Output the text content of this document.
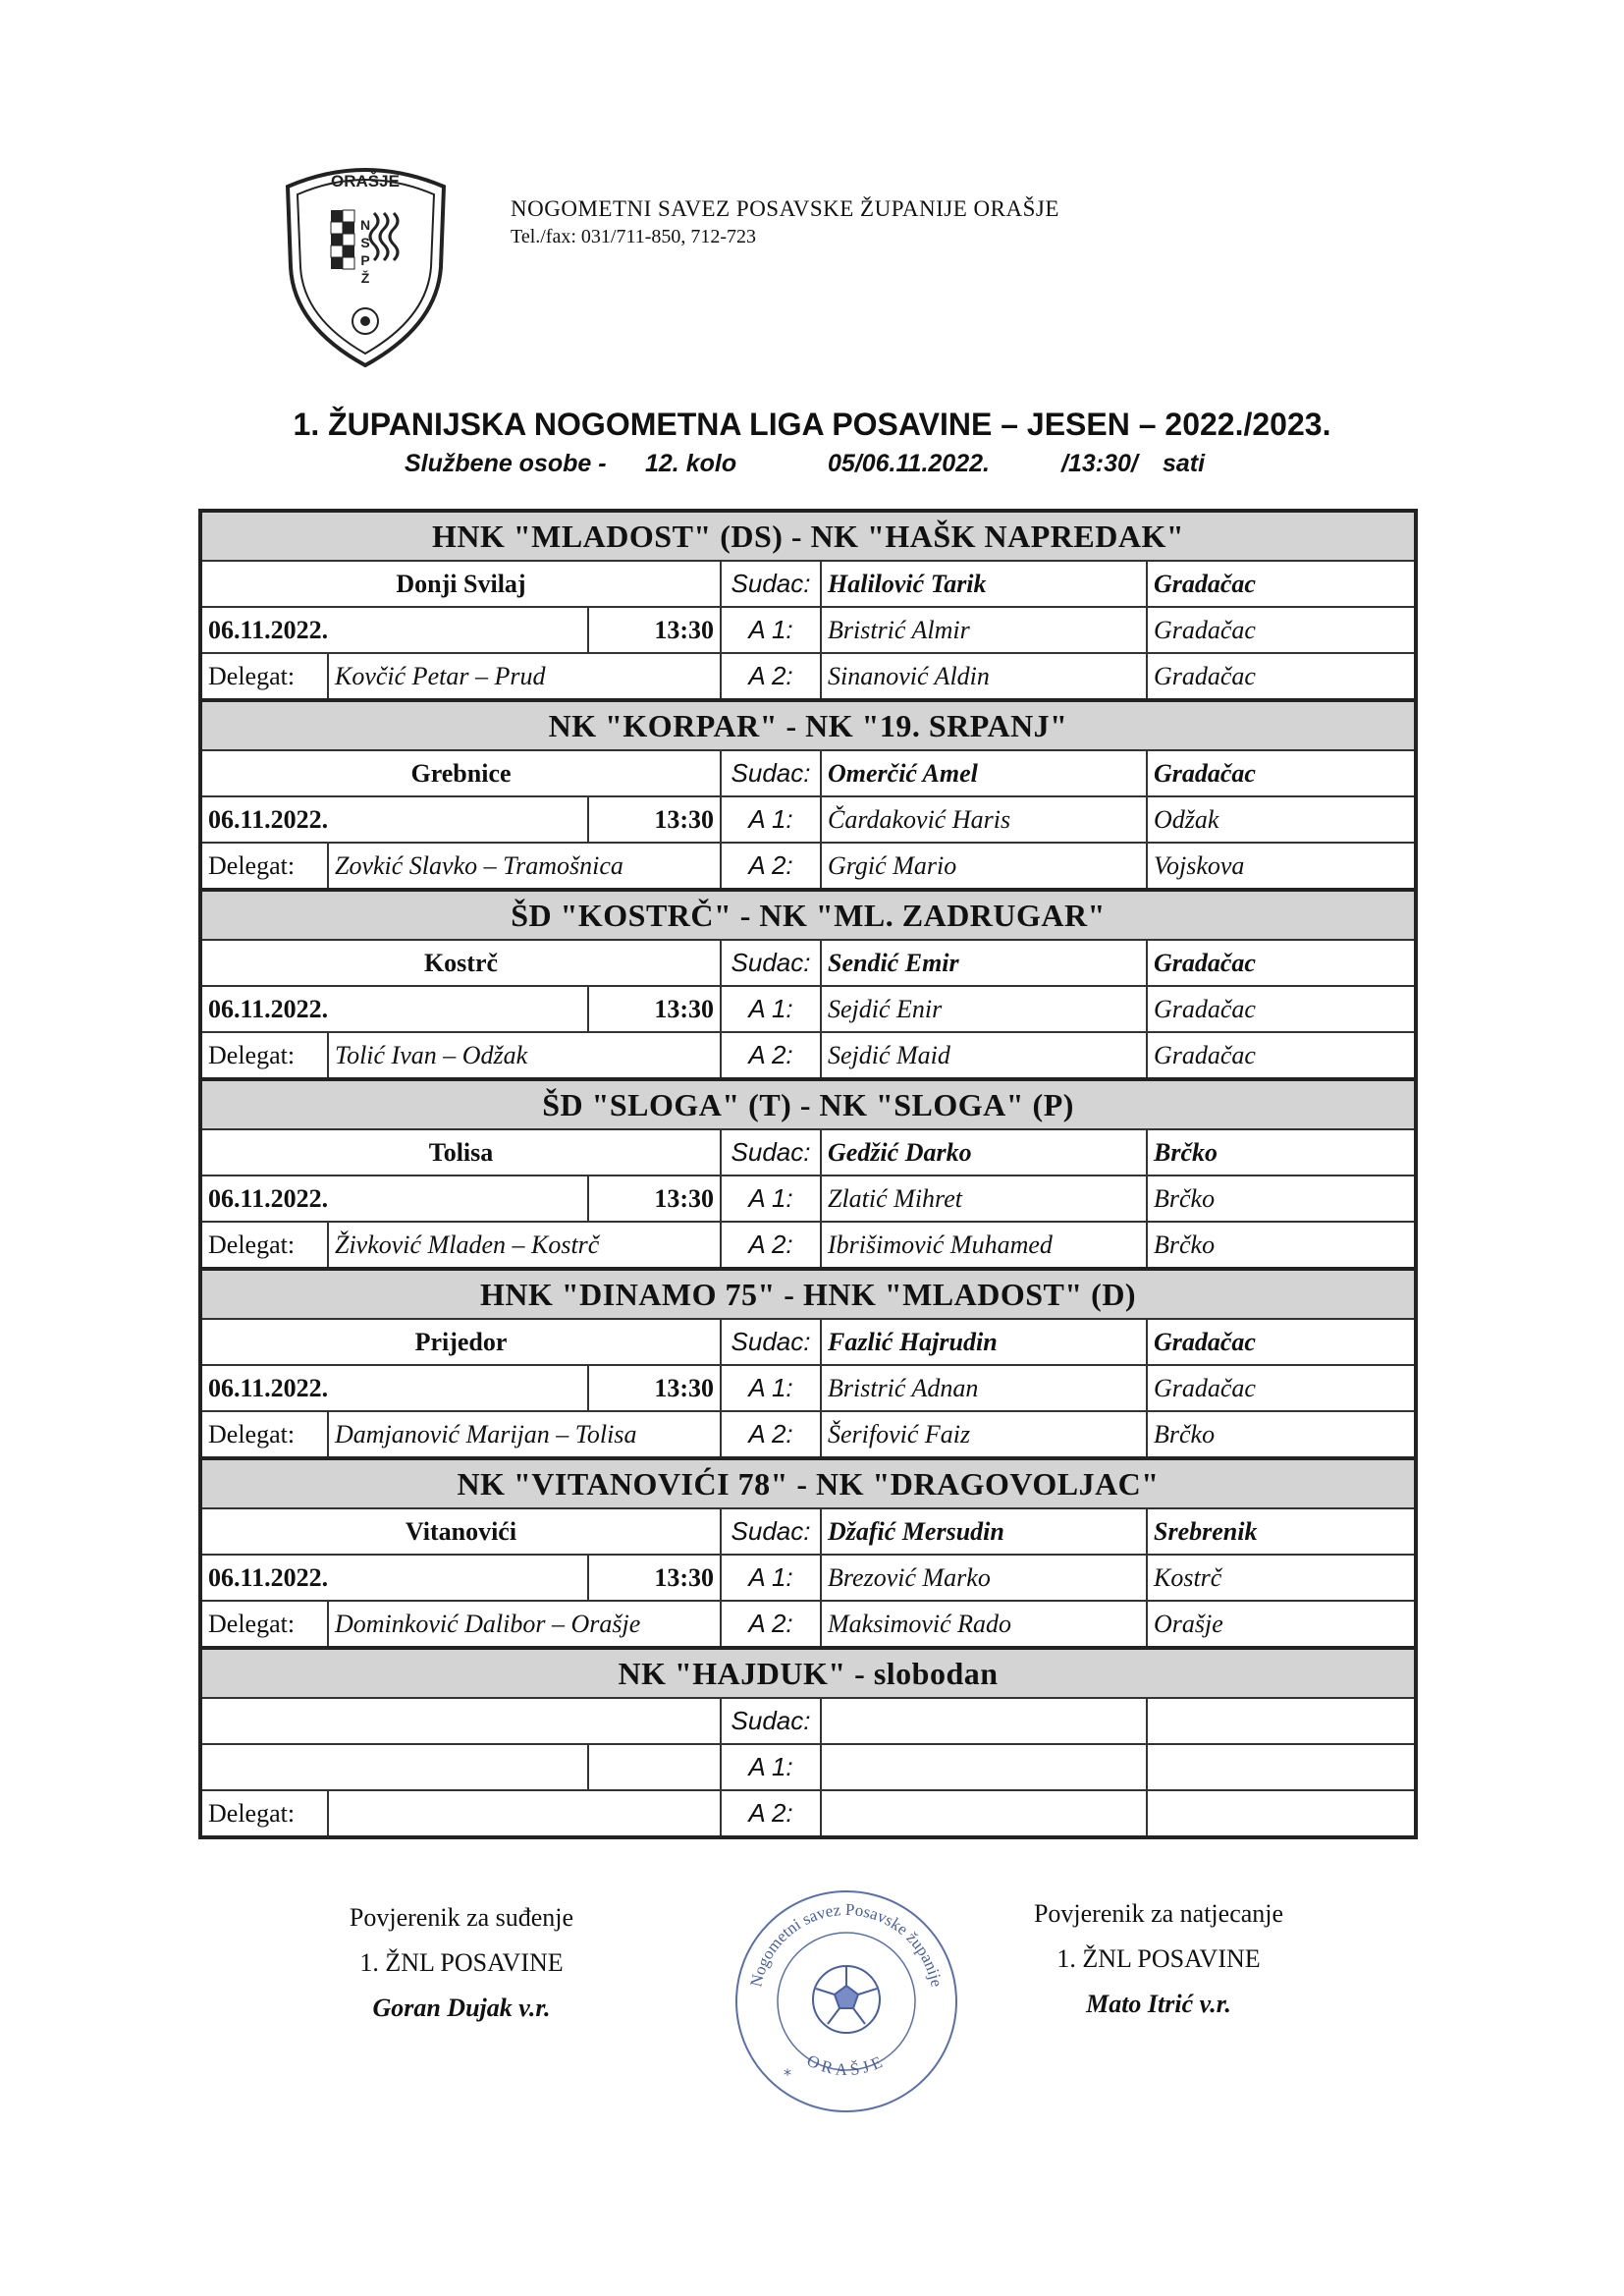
ORAŠJE
N
S
P
Ž
NOGOMETNI SAVEZ POSAVSKE ŽUPANIJE ORAŠJE
Tel./fax: 031/711-850, 712-723
1. ŽUPANIJSKA NOGOMETNA LIGA POSAVINE – JESEN – 2022./2023.
Službene osobe - 12. kolo	05/06.11.2022.	/13:30/ sati
HNK "MLADOST" (DS) - NK "HAŠK NAPREDAK"					
Donji Svilaj			Sudac:	Halilović Tarik	Gradačac
06.11.2022.		13:30	A 1:	Bristrić Almir	Gradačac
Delegat:	Kovčić Petar – Prud		A 2:	Sinanović Aldin	Gradačac
NK "KORPAR" - NK "19. SRPANJ"					
Grebnice			Sudac:	Omerčić Amel	Gradačac
06.11.2022.		13:30	A 1:	Čardaković Haris	Odžak
Delegat:	Zovkić Slavko – Tramošnica		A 2:	Grgić Mario	Vojskova
ŠD "KOSTRČ" - NK "ML. ZADRUGAR"					
Kostrč			Sudac:	Sendić Emir	Gradačac
06.11.2022.		13:30	A 1:	Sejdić Enir	Gradačac
Delegat:	Tolić Ivan – Odžak		A 2:	Sejdić Maid	Gradačac
ŠD "SLOGA" (T) - NK "SLOGA" (P)					
Tolisa			Sudac:	Gedžić Darko	Brčko
06.11.2022.		13:30	A 1:	Zlatić Mihret	Brčko
Delegat:	Živković Mladen – Kostrč		A 2:	Ibrišimović Muhamed	Brčko
HNK "DINAMO 75" - HNK "MLADOST" (D)					
Prijedor			Sudac:	Fazlić Hajrudin	Gradačac
06.11.2022.		13:30	A 1:	Bristrić Adnan	Gradačac
Delegat:	Damjanović Marijan – Tolisa		A 2:	Šerifović Faiz	Brčko
NK "VITANOVIĆI 78" - NK "DRAGOVOLJAC"					
Vitanovići			Sudac:	Džafić Mersudin	Srebrenik
06.11.2022.		13:30	A 1:	Brezović Marko	Kostrč
Delegat:	Dominković Dalibor – Orašje		A 2:	Maksimović Rado	Orašje
NK "HAJDUK" - slobodan					
			Sudac:		
			A 1:		
Delegat:			A 2:		
Povjerenik za suđenje
1. ŽNL POSAVINE
Goran Dujak v.r.
Nogometni savez Posavske županije
ORAŠJE
*
Povjerenik za natjecanje
1. ŽNL POSAVINE
Mato Itrić v.r.
